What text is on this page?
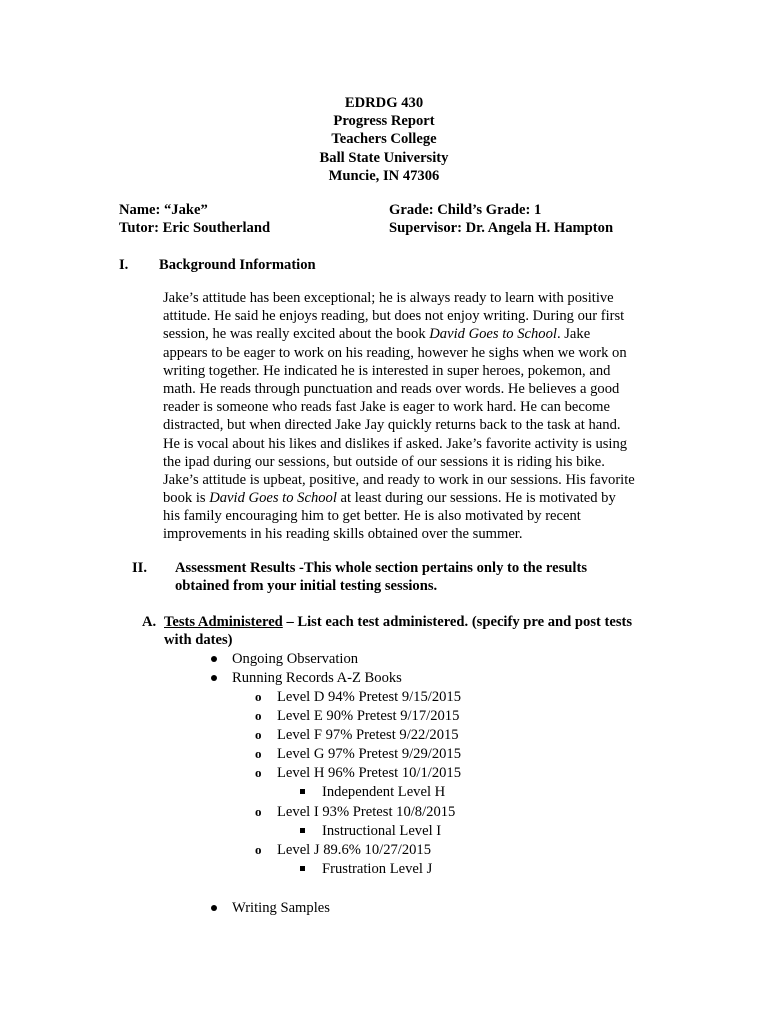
EDRDG 430
Progress Report
Teachers College
Ball State University
Muncie, IN 47306
Name: “Jake”	Grade: Child’s Grade: 1
Tutor: Eric Southerland	Supervisor: Dr. Angela H. Hampton
I. Background Information
Jake’s attitude has been exceptional; he is always ready to learn with positive
attitude. He said he enjoys reading, but does not enjoy writing. During our first
session, he was really excited about the book David Goes to School. Jake
appears to be eager to work on his reading, however he sighs when we work on
writing together. He indicated he is interested in super heroes, pokemon, and
math. He reads through punctuation and reads over words. He believes a good
reader is someone who reads fast Jake is eager to work hard. He can become
distracted, but when directed Jake Jay quickly returns back to the task at hand.
He is vocal about his likes and dislikes if asked. Jake’s favorite activity is using
the ipad during our sessions, but outside of our sessions it is riding his bike.
Jake’s attitude is upbeat, positive, and ready to work in our sessions. His favorite
book is David Goes to School at least during our sessions. He is motivated by
his family encouraging him to get better. He is also motivated by recent
improvements in his reading skills obtained over the summer.
II. Assessment Results -This whole section pertains only to the results
obtained from your initial testing sessions.
A. Tests Administered – List each test administered. (specify pre and post tests
with dates)
Ongoing Observation
Running Records A-Z Books
o Level D 94% Pretest 9/15/2015
o Level E 90% Pretest 9/17/2015
o Level F 97% Pretest 9/22/2015
o Level G 97% Pretest 9/29/2015
o Level H 96% Pretest 10/1/2015
Independent Level H
o Level I 93% Pretest 10/8/2015
Instructional Level I
o Level J 89.6% 10/27/2015
Frustration Level J
Writing Samples
